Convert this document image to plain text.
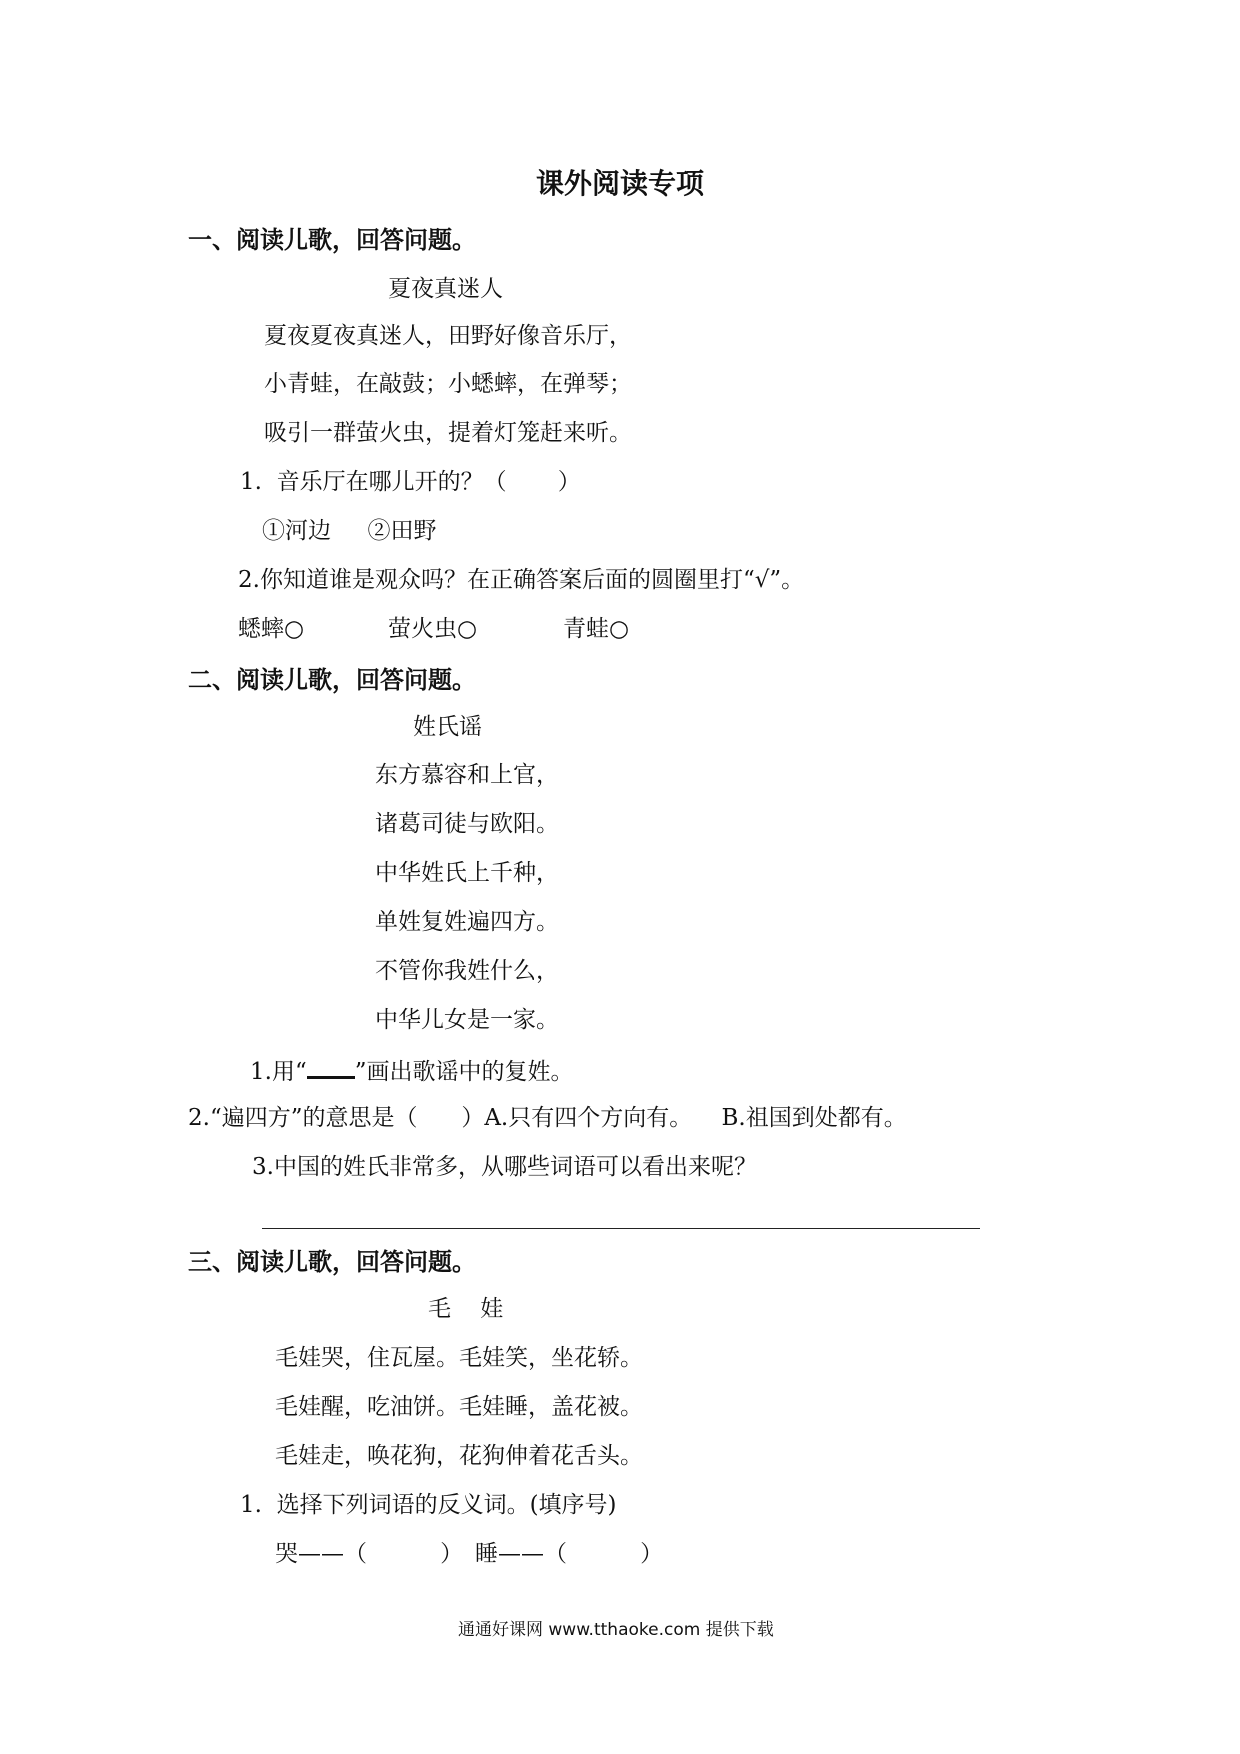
课外阅读专项
一、阅读儿歌，回答问题。
夏夜真迷人
夏夜夏夜真迷人，田野好像音乐厅，
小青蛙，在敲鼓；小蟋蟀，在弹琴；
吸引一群萤火虫，提着灯笼赶来听。
1.  音乐厅在哪儿开的？（       ）
①河边     ②田野
2.你知道谁是观众吗？在正确答案后面的圆圈里打“√”。
蟋蟀○	萤火虫○	青蛙○
二、阅读儿歌，回答问题。
姓氏谣
东方慕容和上官，
诸葛司徒与欧阳。
中华姓氏上千种，
单姓复姓遍四方。
不管你我姓什么，
中华儿女是一家。
1.用“ ”画出歌谣中的复姓。
2.“遍四方”的意思是（      ）A.只有四个方向有。    B.祖国到处都有。
3.中国的姓氏非常多，从哪些词语可以看出来呢？
三、阅读儿歌，回答问题。
毛    娃
毛娃哭，住瓦屋。毛娃笑，坐花轿。
毛娃醒，吃油饼。毛娃睡，盖花被。
毛娃走，唤花狗，花狗伸着花舌头。
1.  选择下列词语的反义词。(填序号)
哭——（          ） 睡——（          ）
通通好课网 www.tthaoke.com 提供下载
